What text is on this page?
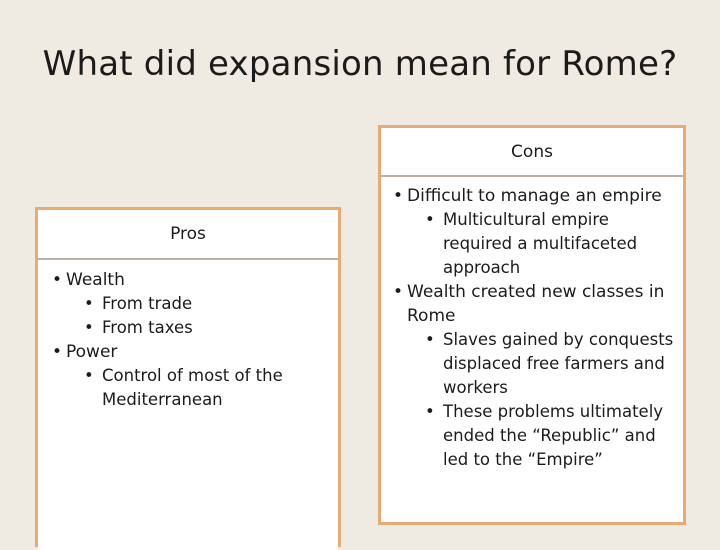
What did expansion mean for Rome?
Pros
• Wealth
• From trade
• From taxes
• Power
• Control of most of the Mediterranean
Cons
• Difficult to manage an empire
• Multicultural empire required a multifaceted approach
• Wealth created new classes in Rome
• Slaves gained by conquests displaced free farmers and workers
• These problems ultimately ended the “Republic” and led to the “Empire”
